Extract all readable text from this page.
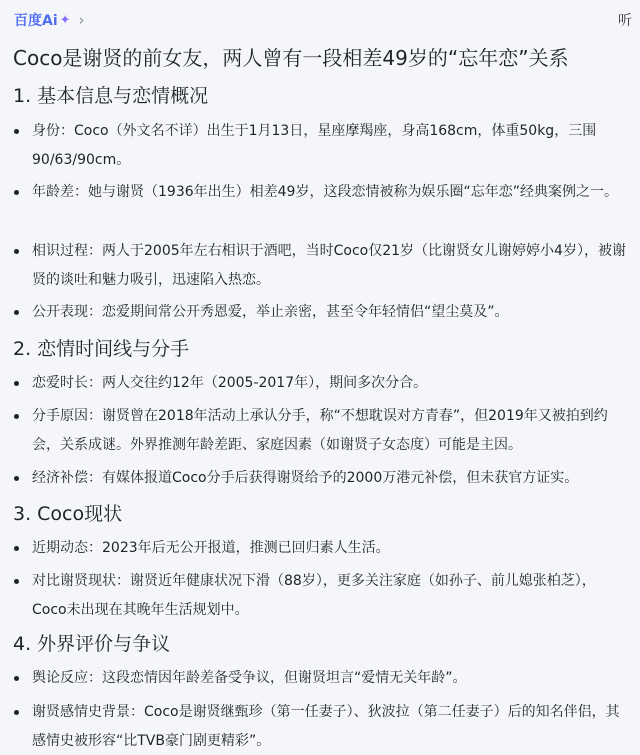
百度Ai ✦ ›	听
Coco是谢贤的前女友，两人曾有一段相差49岁的“忘年恋”关系
1. 基本信息与恋情概况
身份：Coco（外文名不详）出生于1月13日，星座摩羯座，身高168cm，体重50kg，三围90/63/90cm。
年龄差：她与谢贤（1936年出生）相差49岁，这段恋情被称为娱乐圈“忘年恋”经典案例之一。
相识过程：两人于2005年左右相识于酒吧，当时Coco仅21岁（比谢贤女儿谢婷婷小4岁），被谢贤的谈吐和魅力吸引，迅速陷入热恋。
公开表现：恋爱期间常公开秀恩爱，举止亲密，甚至令年轻情侣“望尘莫及”。
2. 恋情时间线与分手
恋爱时长：两人交往约12年（2005-2017年），期间多次分合。
分手原因：谢贤曾在2018年活动上承认分手，称“不想耽误对方青春”，但2019年又被拍到约会，关系成谜。外界推测年龄差距、家庭因素（如谢贤子女态度）可能是主因。
经济补偿：有媒体报道Coco分手后获得谢贤给予的2000万港元补偿，但未获官方证实。
3. Coco现状
近期动态：2023年后无公开报道，推测已回归素人生活。
对比谢贤现状：谢贤近年健康状况下滑（88岁），更多关注家庭（如孙子、前儿媳张柏芝），Coco未出现在其晚年生活规划中。
4. 外界评价与争议
舆论反应：这段恋情因年龄差备受争议，但谢贤坦言“爱情无关年龄”。
谢贤感情史背景：Coco是谢贤继甄珍（第一任妻子）、狄波拉（第二任妻子）后的知名伴侣，其感情史被形容“比TVB豪门剧更精彩”。
